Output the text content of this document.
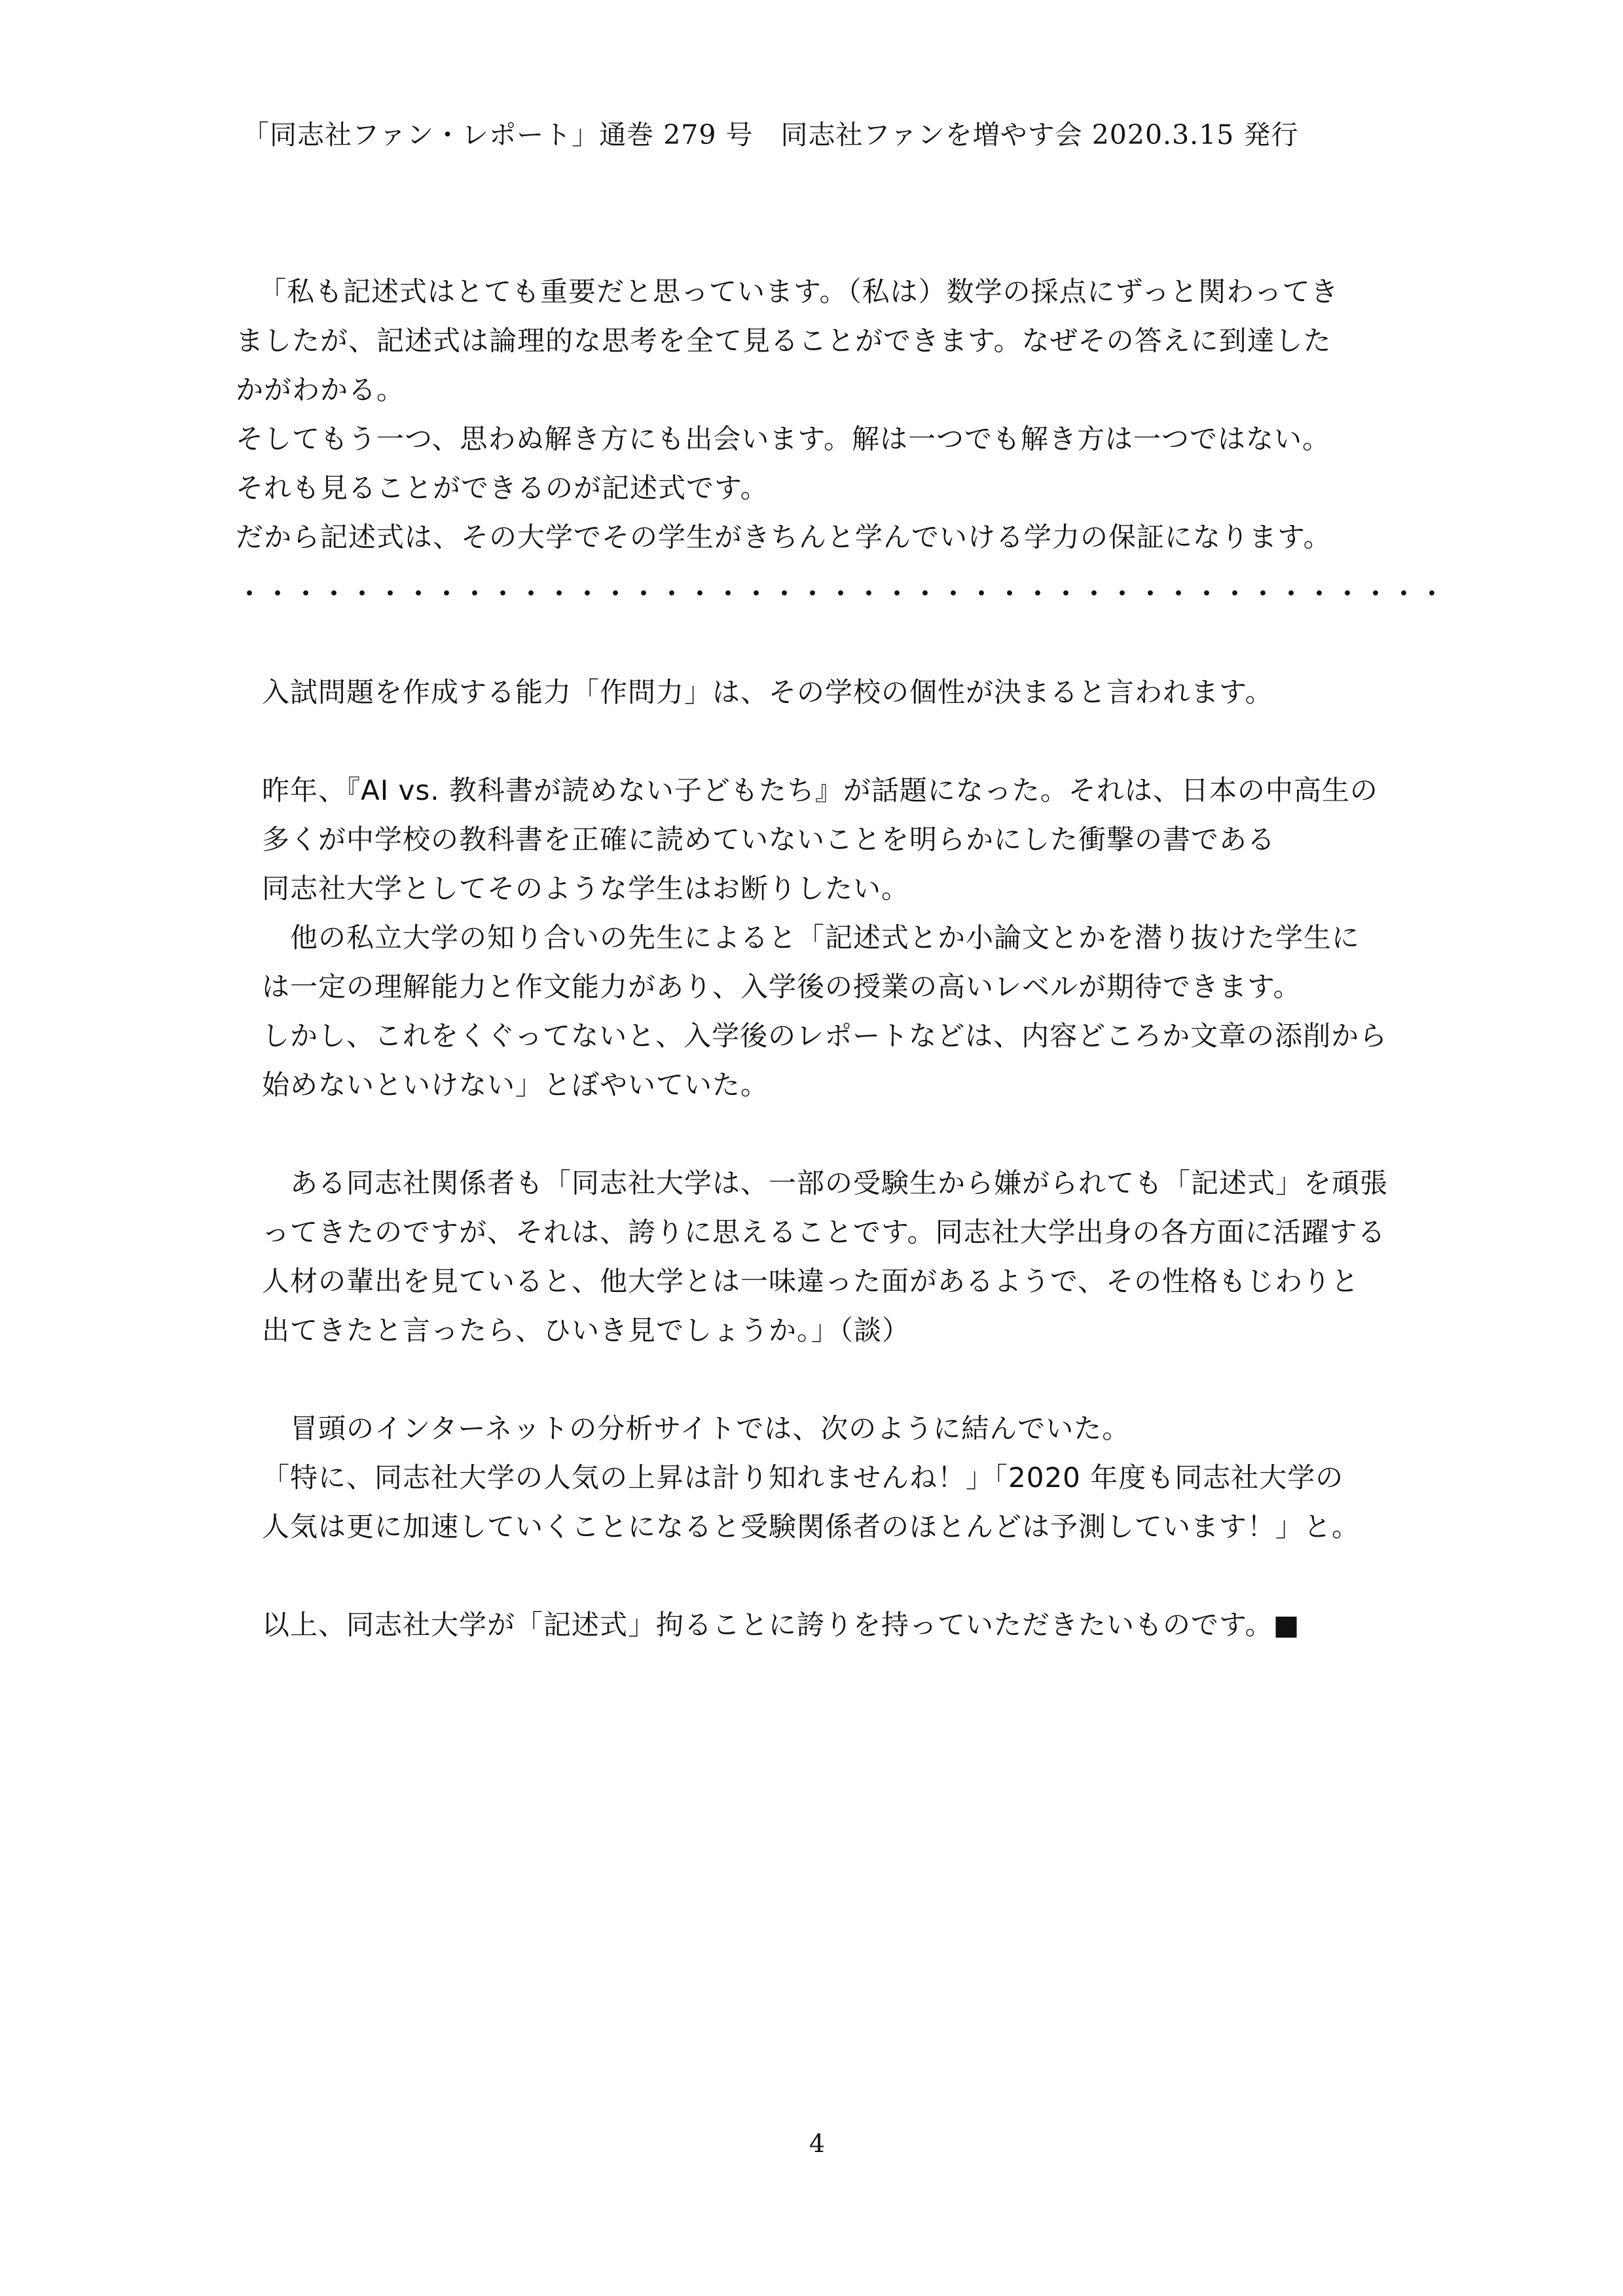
「同志社ファン・レポート」通巻 279 号　同志社ファンを増やす会 2020.3.15 発行
「私も記述式はとても重要だと思っています。（私は）数学の採点にずっと関わってき
ましたが、記述式は論理的な思考を全て見ることができます。なぜその答えに到達した
かがわかる。
そしてもう一つ、思わぬ解き方にも出会います。解は一つでも解き方は一つではない。
それも見ることができるのが記述式です。
だから記述式は、その大学でその学生がきちんと学んでいける学力の保証になります。
・・・・・・・・・・・・・・・・・・・・・・・・・・・・・・・・・・・・・・・・・・・
入試問題を作成する能力「作問力」は、その学校の個性が決まると言われます。
昨年、『AI vs. 教科書が読めない子どもたち』が話題になった。それは、日本の中高生の
多くが中学校の教科書を正確に読めていないことを明らかにした衝撃の書である
同志社大学としてそのような学生はお断りしたい。
　他の私立大学の知り合いの先生によると「記述式とか小論文とかを潜り抜けた学生に
は一定の理解能力と作文能力があり、入学後の授業の高いレベルが期待できます。
しかし、これをくぐってないと、入学後のレポートなどは、内容どころか文章の添削から
始めないといけない」とぼやいていた。
　ある同志社関係者も「同志社大学は、一部の受験生から嫌がられても「記述式」を頑張
ってきたのですが、それは、誇りに思えることです。同志社大学出身の各方面に活躍する
人材の輩出を見ていると、他大学とは一味違った面があるようで、その性格もじわりと
出てきたと言ったら、ひいき見でしょうか。」（談）
　冒頭のインターネットの分析サイトでは、次のように結んでいた。
「特に、同志社大学の人気の上昇は計り知れませんね！」「2020 年度も同志社大学の
人気は更に加速していくことになると受験関係者のほとんどは予測しています！」と。
以上、同志社大学が「記述式」拘ることに誇りを持っていただきたいものです。■
4
